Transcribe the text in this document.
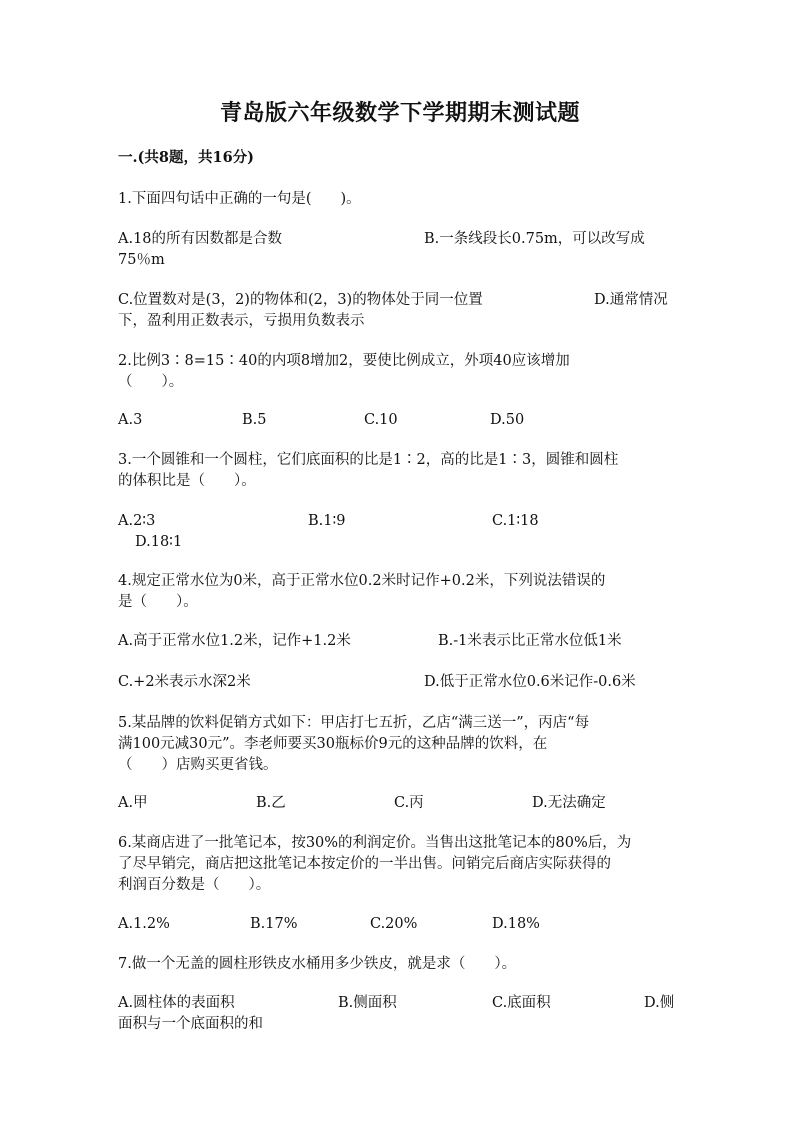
青岛版六年级数学下学期期末测试题
一.(共8题，共16分)
1.下面四句话中正确的一句是(　　)。
A.18的所有因数都是合数	B.一条线段长0.75m，可以改写成
75％m
C.位置数对是(3，2)的物体和(2，3)的物体处于同一位置	D.通常情况
下，盈利用正数表示，亏损用负数表示
2.比例3∶8=15∶40的内项8增加2，要使比例成立，外项40应该增加
（　　）。
A.3	B.5	C.10	D.50
3.一个圆锥和一个圆柱，它们底面积的比是1∶2，高的比是1∶3，圆锥和圆柱
的体积比是（　　）。
A.2∶3	B.1∶9	C.1∶18
D.18∶1
4.规定正常水位为0米，高于正常水位0.2米时记作+0.2米，下列说法错误的
是（　　）。
A.高于正常水位1.2米，记作+1.2米	B.-1米表示比正常水位低1米
C.+2米表示水深2米	D.低于正常水位0.6米记作-0.6米
5.某品牌的饮料促销方式如下：甲店打七五折，乙店“满三送一”，丙店“每
满100元减30元”。李老师要买30瓶标价9元的这种品牌的饮料，在
（　　）店购买更省钱。
A.甲	B.乙	C.丙	D.无法确定
6.某商店进了一批笔记本，按30%的利润定价。当售出这批笔记本的80%后，为
了尽早销完，商店把这批笔记本按定价的一半出售。问销完后商店实际获得的
利润百分数是（　　）。
A.1.2%	B.17%	C.20%	D.18%
7.做一个无盖的圆柱形铁皮水桶用多少铁皮，就是求（　　）。
A.圆柱体的表面积	B.侧面积	C.底面积	D.侧
面积与一个底面积的和
